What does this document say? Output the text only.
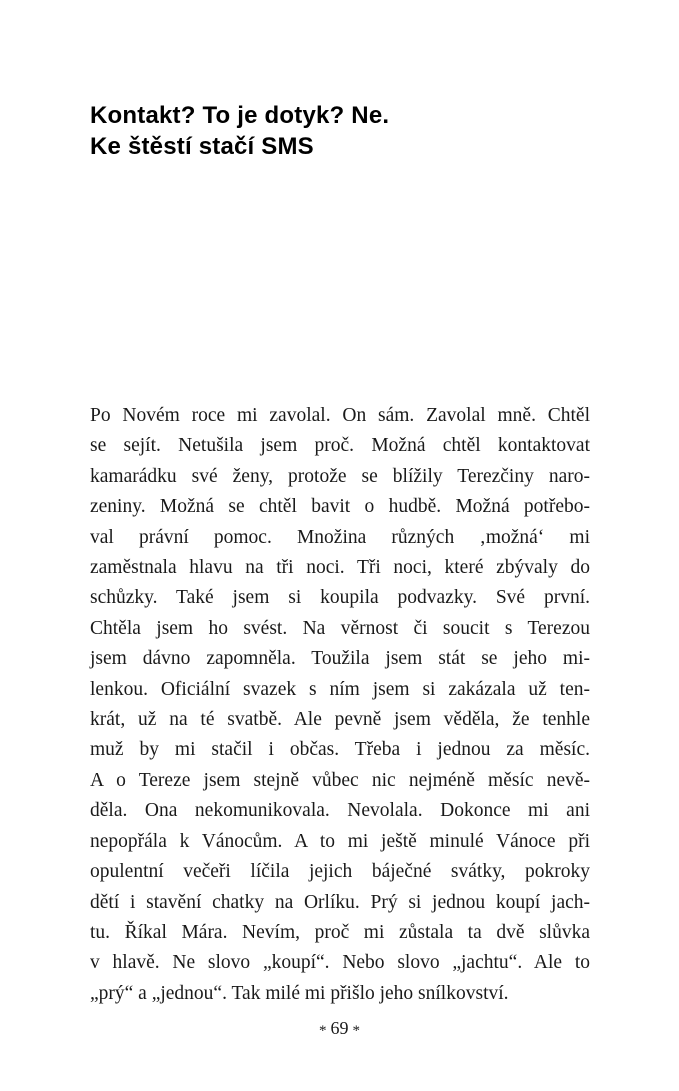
Kontakt? To je dotyk? Ne.
Ke štěstí stačí SMS
Po Novém roce mi zavolal. On sám. Zavolal mně. Chtěl
se sejít. Netušila jsem proč. Možná chtěl kontaktovat
kamarádku své ženy, protože se blížily Terezčiny naro-
zeniny. Možná se chtěl bavit o hudbě. Možná potřebo-
val právní pomoc. Množina různých ‚možná‘ mi
zaměstnala hlavu na tři noci. Tři noci, které zbývaly do
schůzky. Také jsem si koupila podvazky. Své první.
Chtěla jsem ho svést. Na věrnost či soucit s Terezou
jsem dávno zapomněla. Toužila jsem stát se jeho mi-
lenkou. Oficiální svazek s ním jsem si zakázala už ten-
krát, už na té svatbě. Ale pevně jsem věděla, že tenhle
muž by mi stačil i občas. Třeba i jednou za měsíc.
A o Tereze jsem stejně vůbec nic nejméně měsíc nevě-
děla. Ona nekomunikovala. Nevolala. Dokonce mi ani
nepopřála k Vánocům. A to mi ještě minulé Vánoce při
opulentní večeři líčila jejich báječné svátky, pokroky
dětí i stavění chatky na Orlíku. Prý si jednou koupí jach-
tu. Říkal Mára. Nevím, proč mi zůstala ta dvě slůvka
v hlavě. Ne slovo „koupí“. Nebo slovo „jachtu“. Ale to
„prý“ a „jednou“. Tak milé mi přišlo jeho snílkovství.
* 69 *
